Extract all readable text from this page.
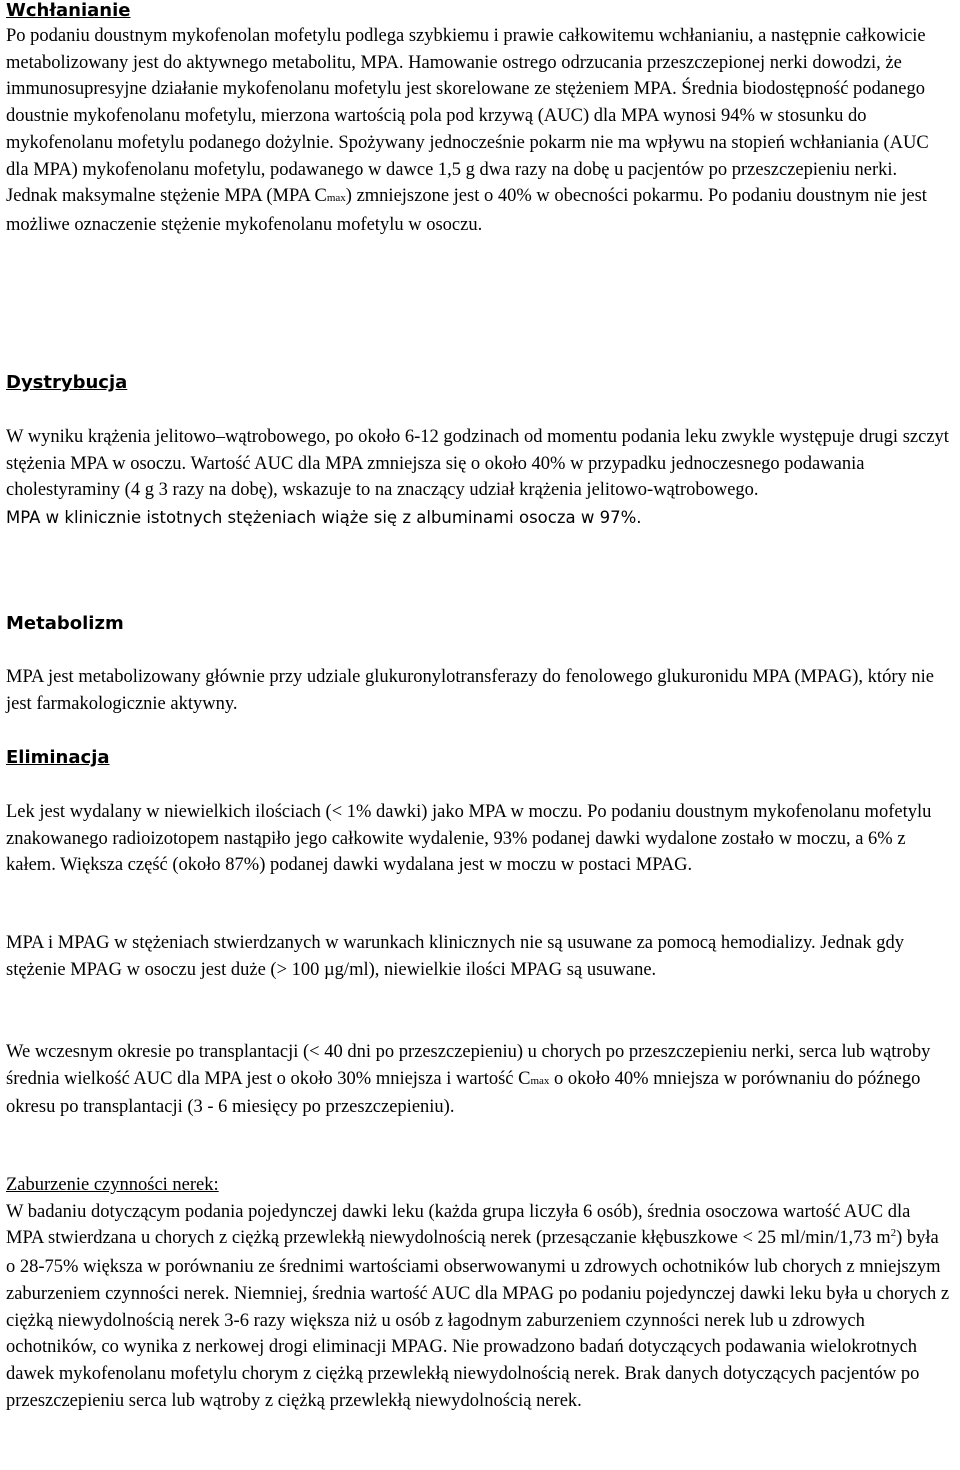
Wchłanianie

Po podaniu doustnym mykofenolan mofetylu podlega szybkiemu i prawie całkowitemu wchłanianiu, a następnie całkowicie metabolizowany jest do aktywnego metabolitu, MPA. Hamowanie ostrego odrzucania przeszczepionej nerki dowodzi, że immunosupresyjne działanie mykofenolanu mofetylu jest skorelowane ze stężeniem MPA. Średnia biodostępność podanego doustnie mykofenolanu mofetylu, mierzona wartością pola pod krzywą (AUC) dla MPA wynosi 94% w stosunku do mykofenolanu mofetylu podanego dożylnie. Spożywany jednocześnie pokarm nie ma wpływu na stopień wchłaniania (AUC dla MPA) mykofenolanu mofetylu, podawanego w dawce 1,5 g dwa razy na dobę u pacjentów po przeszczepieniu nerki. Jednak maksymalne stężenie MPA (MPA Cmax) zmniejszone jest o 40% w obecności pokarmu. Po podaniu doustnym nie jest możliwe oznaczenie stężenie mykofenolanu mofetylu w osoczu.

Dystrybucja

W wyniku krążenia jelitowo–wątrobowego, po około 6-12 godzinach od momentu podania leku zwykle występuje drugi szczyt stężenia MPA w osoczu. Wartość AUC dla MPA zmniejsza się o około 40% w przypadku jednoczesnego podawania cholestyraminy (4 g 3 razy na dobę), wskazuje to na znaczący udział krążenia jelitowo-wątrobowego.

MPA w klinicznie istotnych stężeniach wiąże się z albuminami osocza w 97%.

Metabolizm

MPA jest metabolizowany głównie przy udziale glukuronylotransferazy do fenolowego glukuronidu MPA (MPAG), który nie jest farmakologicznie aktywny.

Eliminacja

Lek jest wydalany w niewielkich ilościach (< 1% dawki) jako MPA w moczu. Po podaniu doustnym mykofenolanu mofetylu znakowanego radioizotopem nastąpiło jego całkowite wydalenie, 93% podanej dawki wydalone zostało w moczu, a 6% z kałem. Większa część (około 87%) podanej dawki wydalana jest w moczu w postaci MPAG.

MPA i MPAG w stężeniach stwierdzanych w warunkach klinicznych nie są usuwane za pomocą hemodializy. Jednak gdy stężenie MPAG w osoczu jest duże (> 100 µg/ml), niewielkie ilości MPAG są usuwane.

We wczesnym okresie po transplantacji (< 40 dni po przeszczepieniu) u chorych po przeszczepieniu nerki, serca lub wątroby średnia wielkość AUC dla MPA jest o około 30% mniejsza i wartość Cmax o około 40% mniejsza w porównaniu do późnego okresu po transplantacji (3 - 6 miesięcy po przeszczepieniu).

Zaburzenie czynności nerek:
W badaniu dotyczącym podania pojedynczej dawki leku (każda grupa liczyła 6 osób), średnia osoczowa wartość AUC dla MPA stwierdzana u chorych z ciężką przewlekłą niewydolnością nerek (przesączanie kłębuszkowe < 25 ml/min/1,73 $m^2$) była o 28-75% większa w porównaniu ze średnimi wartościami obserwowanymi u zdrowych ochotników lub chorych z mniejszym zaburzeniem czynności nerek. Niemniej, średnia wartość AUC dla MPAG po podaniu pojedynczej dawki leku była u chorych z ciężką niewydolnością nerek 3-6 razy większa niż u osób z łagodnym zaburzeniem czynności nerek lub u zdrowych ochotników, co wynika z nerkowej drogi eliminacji MPAG. Nie prowadzono badań dotyczących podawania wielokrotnych dawek mykofenolanu mofetylu chorym z ciężką przewlekłą niewydolnością nerek. Brak danych dotyczących pacjentów po przeszczepieniu serca lub wątroby z ciężką przewlekłą niewydolnością nerek.
